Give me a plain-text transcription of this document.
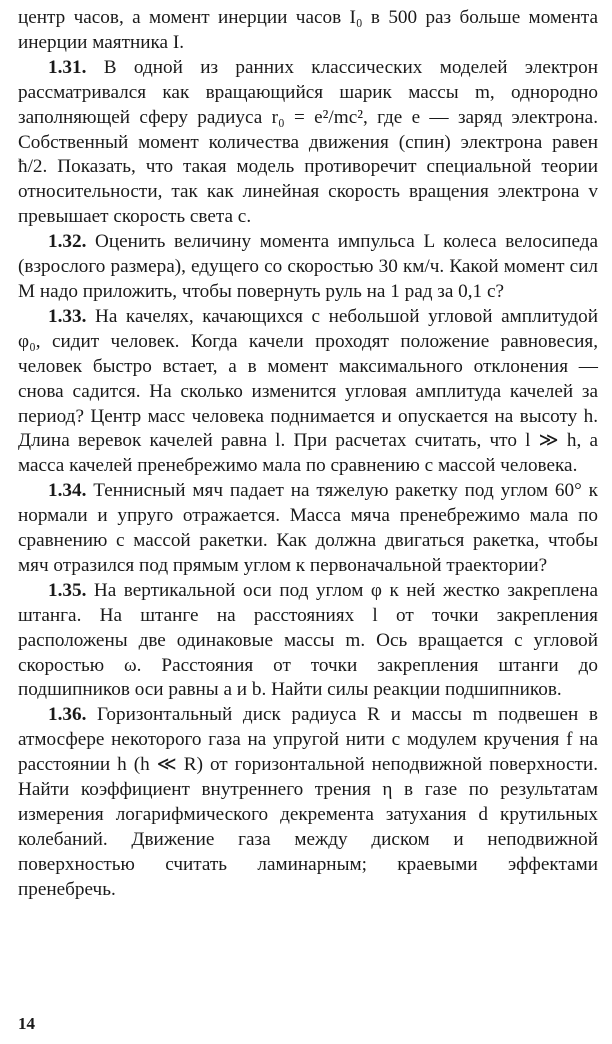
центр часов, а момент инерции часов I₀ в 500 раз больше момента инерции маятника I.

1.31. В одной из ранних классических моделей электрон рассматривался как вращающийся шарик массы m, однородно заполняющей сферу радиуса r₀ = e²/mc², где e — заряд электрона. Собственный момент количества движения (спин) электрона равен ħ/2. Показать, что такая модель противоречит специальной теории относительности, так как линейная скорость вращения электрона v превышает скорость света c.

1.32. Оценить величину момента импульса L колеса велосипеда (взрослого размера), едущего со скоростью 30 км/ч. Какой момент сил M надо приложить, чтобы повернуть руль на 1 рад за 0,1 с?

1.33. На качелях, качающихся с небольшой угловой амплитудой φ₀, сидит человек. Когда качели проходят положение равновесия, человек быстро встает, а в момент максимального отклонения — снова садится. На сколько изменится угловая амплитуда качелей за период? Центр масс человека поднимается и опускается на высоту h. Длина веревок качелей равна l. При расчетах считать, что l ≫ h, а масса качелей пренебрежимо мала по сравнению с массой человека.

1.34. Теннисный мяч падает на тяжелую ракетку под углом 60° к нормали и упруго отражается. Масса мяча пренебрежимо мала по сравнению с массой ракетки. Как должна двигаться ракетка, чтобы мяч отразился под прямым углом к первоначальной траектории?

1.35. На вертикальной оси под углом φ к ней жестко закреплена штанга. На штанге на расстояниях l от точки закрепления расположены две одинаковые массы m. Ось вращается с угловой скоростью ω. Расстояния от точки закрепления штанги до подшипников оси равны a и b. Найти силы реакции подшипников.

1.36. Горизонтальный диск радиуса R и массы m подвешен в атмосфере некоторого газа на упругой нити с модулем кручения f на расстоянии h (h ≪ R) от горизонтальной неподвижной поверхности. Найти коэффициент внутреннего трения η в газе по результатам измерения логарифмического декремента затухания d крутильных колебаний. Движение газа между диском и неподвижной поверхностью считать ламинарным; краевыми эффектами пренебречь.

14
